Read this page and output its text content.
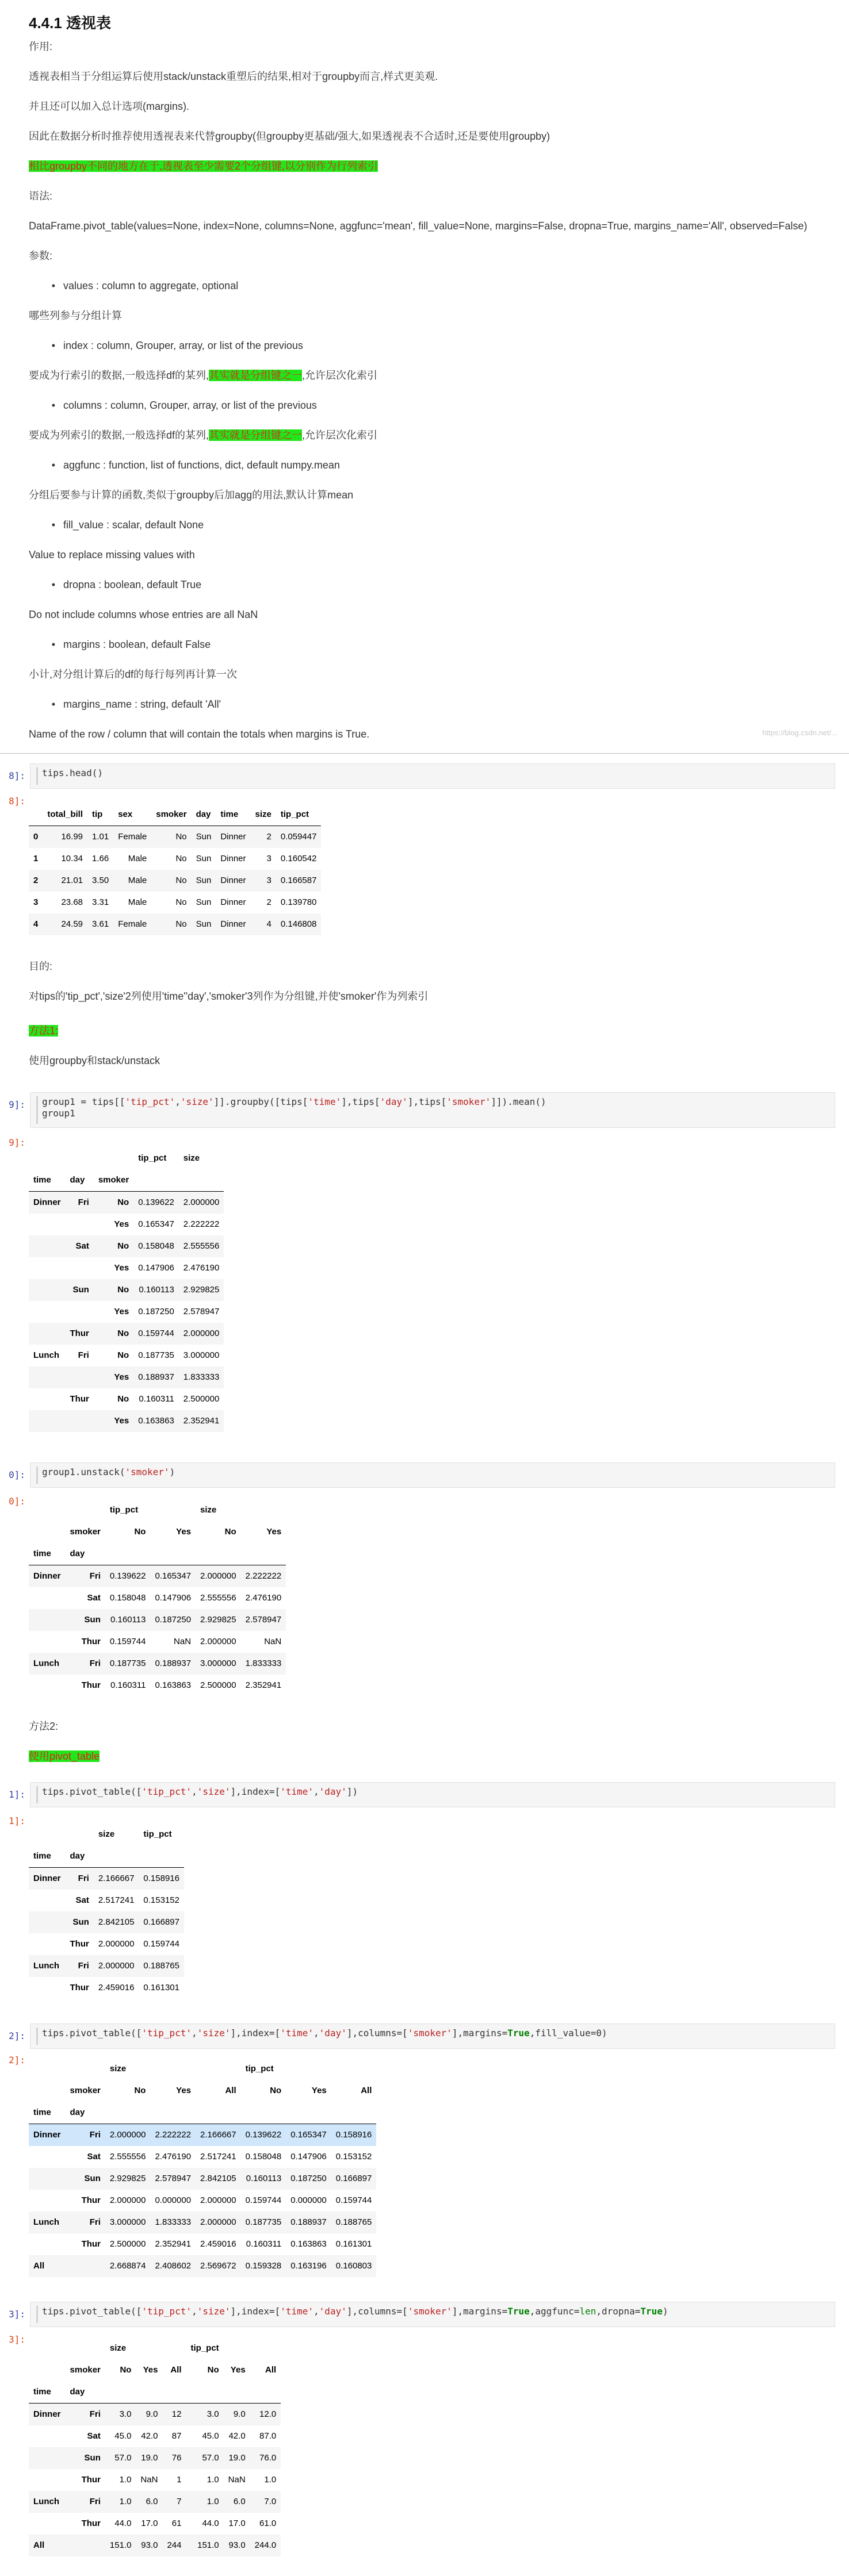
4.4.1 透视表

作用:

透视表相当于分组运算后使用stack/unstack重塑后的结果,相对于groupby而言,样式更美观.

并且还可以加入总计选项(margins).

因此在数据分析时推荐使用透视表来代替groupby(但groupby更基础/强大,如果透视表不合适时,还是要使用groupby)

相比groupby不同的地方在于,透视表至少需要2个分组键,以分别作为行列索引

语法:

DataFrame.pivot_table(values=None, index=None, columns=None, aggfunc='mean', fill_value=None, margins=False, dropna=True, margins_name='All', observed=False)

参数:

• values : column to aggregate, optional

哪些列参与分组计算

• index : column, Grouper, array, or list of the previous

要成为行索引的数据,一般选择df的某列,其实就是分组键之一,允许层次化索引

• columns : column, Grouper, array, or list of the previous

要成为列索引的数据,一般选择df的某列,其实就是分组键之一,允许层次化索引

• aggfunc : function, list of functions, dict, default numpy.mean

分组后要参与计算的函数,类似于groupby后加agg的用法,默认计算mean

• fill_value : scalar, default None

Value to replace missing values with

• dropna : boolean, default True

Do not include columns whose entries are all NaN

• margins : boolean, default False

小计,对分组计算后的df的每行每列再计算一次

• margins_name : string, default 'All'

Name of the row / column that will contain the totals when margins is True.

8]:	tips.head()
8]:
	total_bill	tip	sex	smoker	day	time	size	tip_pct
0	16.99	1.01	Female	No	Sun	Dinner	2	0.059447
1	10.34	1.66	Male	No	Sun	Dinner	3	0.160542
2	21.01	3.50	Male	No	Sun	Dinner	3	0.166587
3	23.68	3.31	Male	No	Sun	Dinner	2	0.139780
4	24.59	3.61	Female	No	Sun	Dinner	4	0.146808

目的:

对tips的'tip_pct','size'2列使用'time''day','smoker'3列作为分组键,并使'smoker'作为列索引

方法1:

使用groupby和stack/unstack

9]:	group1 = tips[['tip_pct','size']].groupby([tips['time'],tips['day'],tips['smoker']]).mean()
group1
9]:
			tip_pct	size
time	day	smoker		
Dinner	Fri	No	0.139622	2.000000
		Yes	0.165347	2.222222
	Sat	No	0.158048	2.555556
		Yes	0.147906	2.476190
	Sun	No	0.160113	2.929825
		Yes	0.187250	2.578947
	Thur	No	0.159744	2.000000
Lunch	Fri	No	0.187735	3.000000
		Yes	0.188937	1.833333
	Thur	No	0.160311	2.500000
		Yes	0.163863	2.352941
0]:	group1.unstack('smoker')
0]:
		tip_pct		size	
	smoker	No	Yes	No	Yes
time	day				
Dinner	Fri	0.139622	0.165347	2.000000	2.222222
	Sat	0.158048	0.147906	2.555556	2.476190
	Sun	0.160113	0.187250	2.929825	2.578947
	Thur	0.159744	NaN	2.000000	NaN
Lunch	Fri	0.187735	0.188937	3.000000	1.833333
	Thur	0.160311	0.163863	2.500000	2.352941

方法2:

使用pivot_table

1]:	tips.pivot_table(['tip_pct','size'],index=['time','day'])
1]:
		size	tip_pct
time	day		
Dinner	Fri	2.166667	0.158916
	Sat	2.517241	0.153152
	Sun	2.842105	0.166897
	Thur	2.000000	0.159744
Lunch	Fri	2.000000	0.188765
	Thur	2.459016	0.161301
2]:	tips.pivot_table(['tip_pct','size'],index=['time','day'],columns=['smoker'],margins=True,fill_value=0)
2]:
		size			tip_pct		
	smoker	No	Yes	All	No	Yes	All
time	day						
Dinner	Fri	2.000000	2.222222	2.166667	0.139622	0.165347	0.158916
	Sat	2.555556	2.476190	2.517241	0.158048	0.147906	0.153152
	Sun	2.929825	2.578947	2.842105	0.160113	0.187250	0.166897
	Thur	2.000000	0.000000	2.000000	0.159744	0.000000	0.159744
Lunch	Fri	3.000000	1.833333	2.000000	0.187735	0.188937	0.188765
	Thur	2.500000	2.352941	2.459016	0.160311	0.163863	0.161301
All		2.668874	2.408602	2.569672	0.159328	0.163196	0.160803
3]:	tips.pivot_table(['tip_pct','size'],index=['time','day'],columns=['smoker'],margins=True,aggfunc=len,dropna=True)
3]:
		size			tip_pct		
	smoker	No	Yes	All	No	Yes	All
time	day						
Dinner	Fri	3.0	9.0	12	3.0	9.0	12.0
	Sat	45.0	42.0	87	45.0	42.0	87.0
	Sun	57.0	19.0	76	57.0	19.0	76.0
	Thur	1.0	NaN	1	1.0	NaN	1.0
Lunch	Fri	1.0	6.0	7	1.0	6.0	7.0
	Thur	44.0	17.0	61	44.0	17.0	61.0
All		151.0	93.0	244	151.0	93.0	244.0
https://blog.csdn.net/...
